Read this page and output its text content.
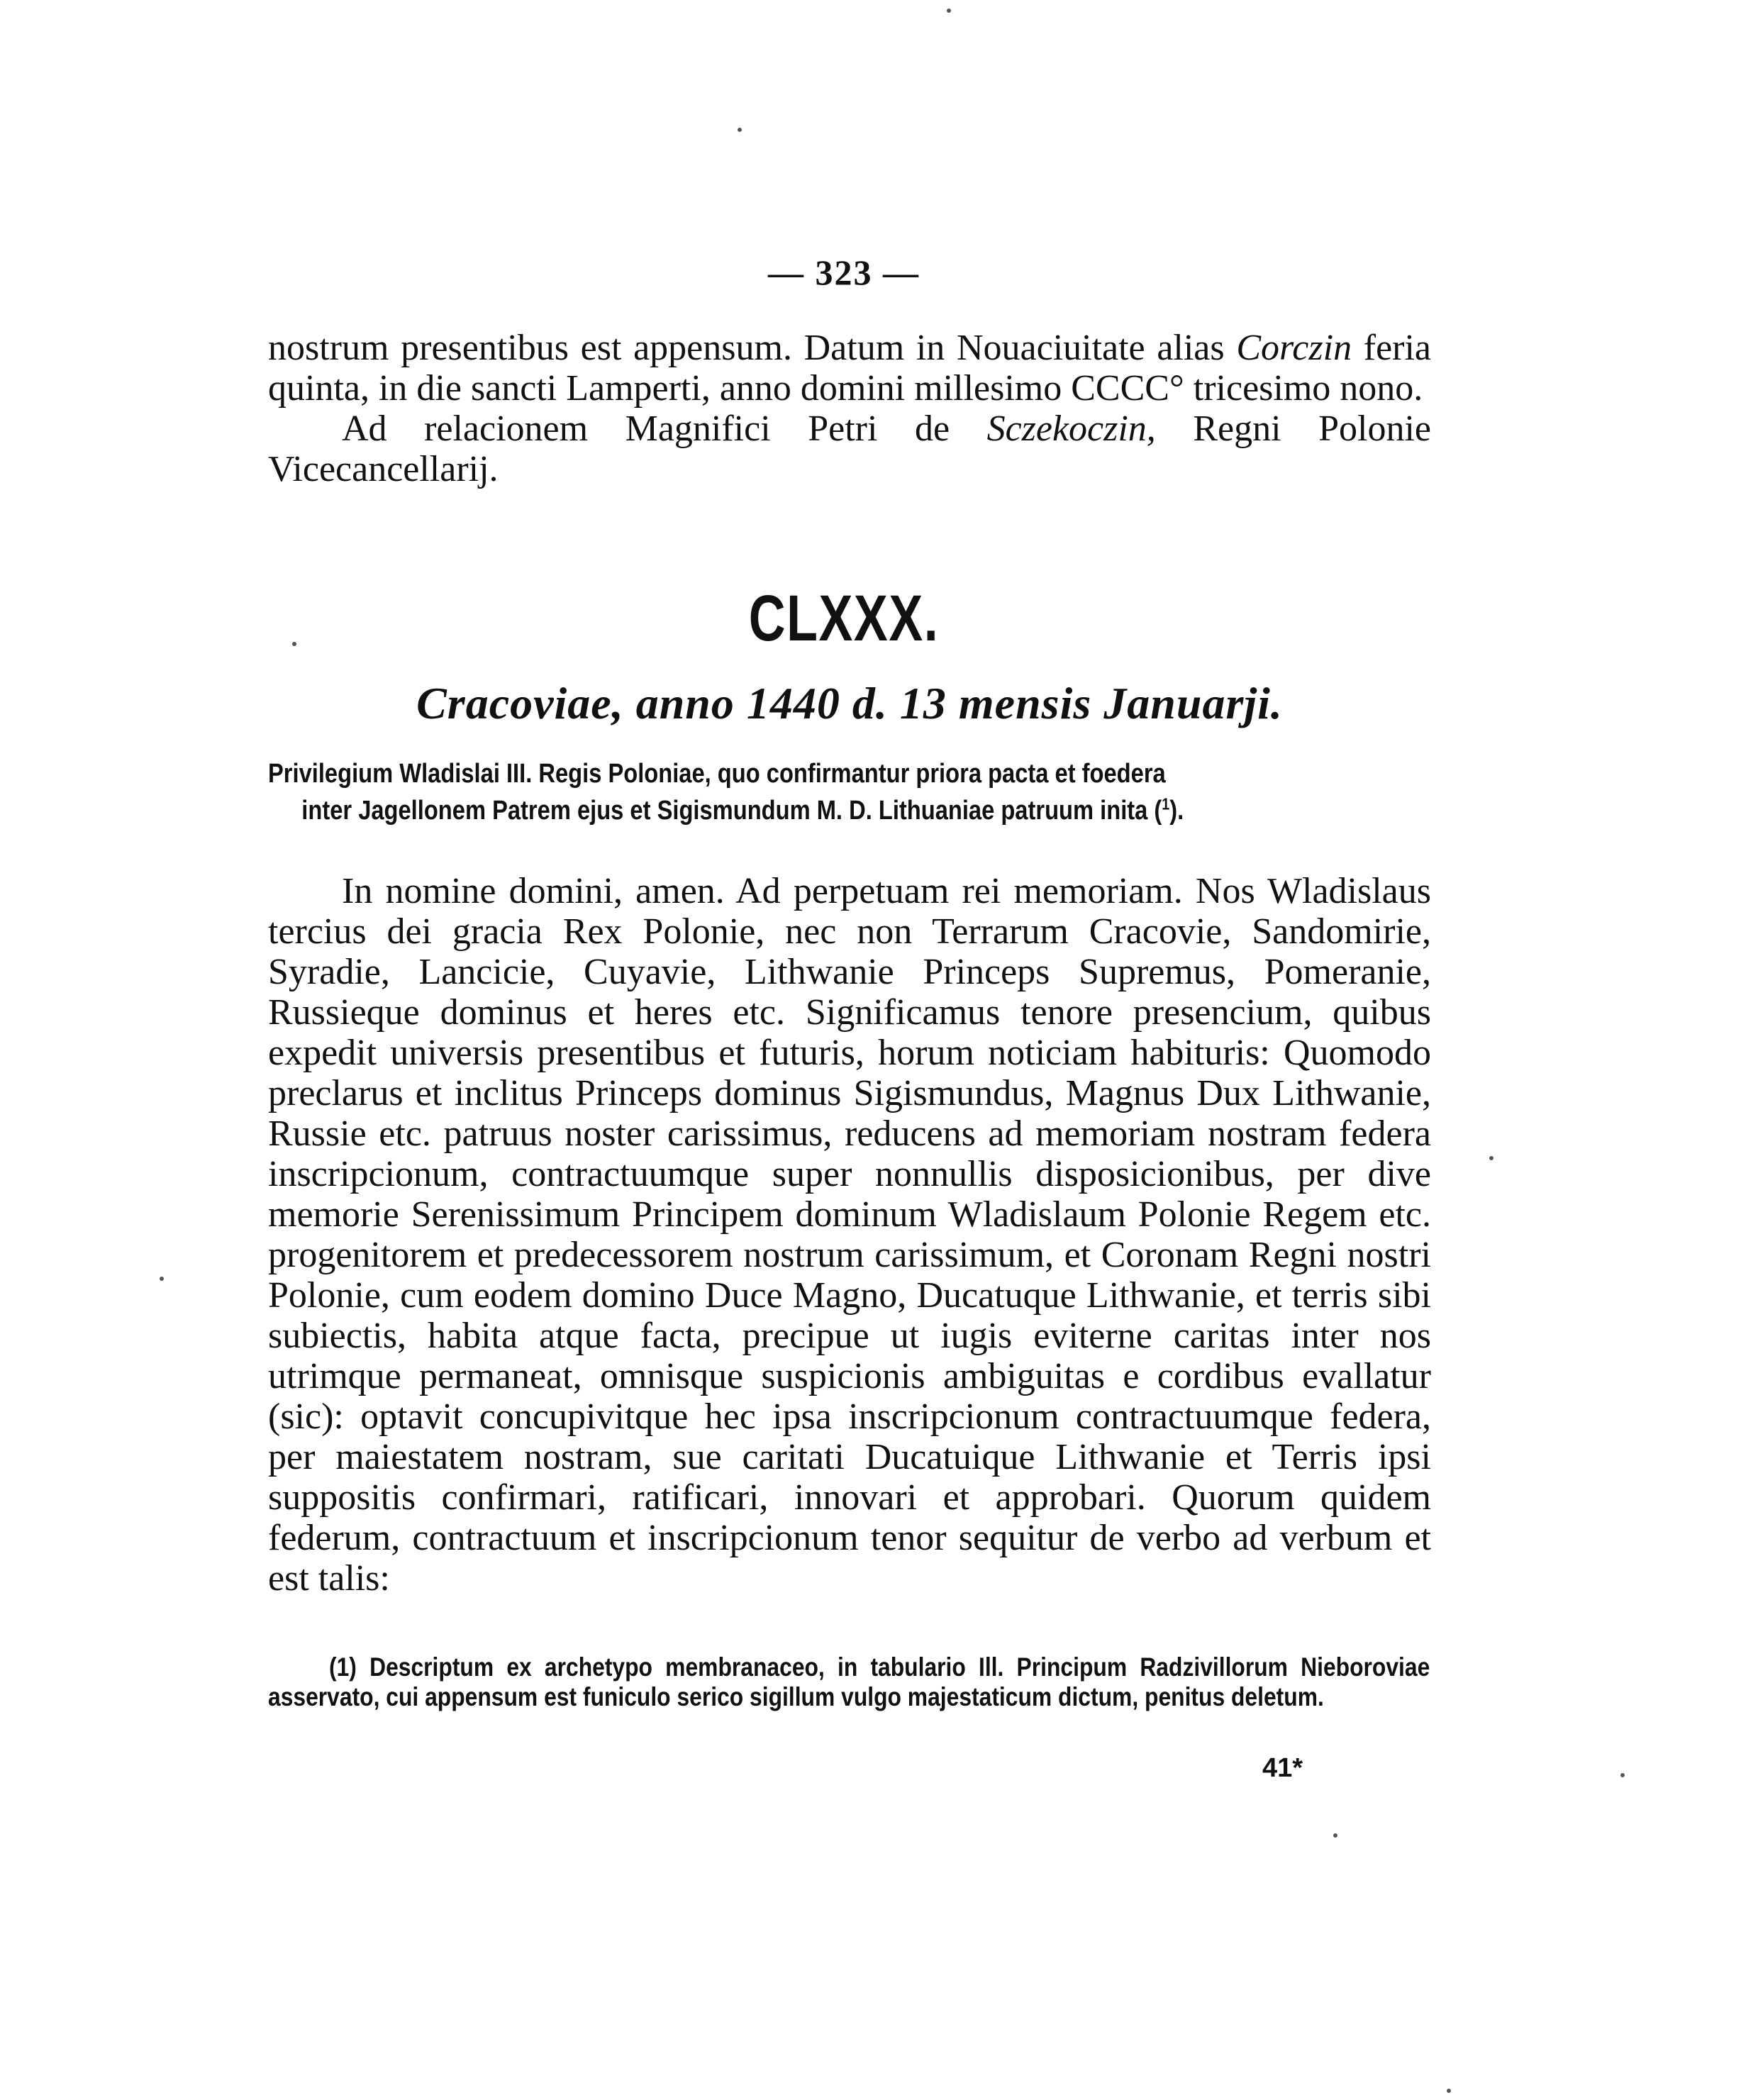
— 323 —

nostrum presentibus est appensum. Datum in Nouaciuitate alias Corczin feria quinta, in die sancti Lamperti, anno domini millesimo CCCC° tricesimo nono.

Ad relacionem Magnifici Petri de Sczekoczin, Regni Polonie Vicecancellarij.

CLXXX.
Cracoviae, anno 1440 d. 13 mensis Januarji.
Privilegium Wladislai III. Regis Poloniae, quo confirmantur priora pacta et foedera
inter Jagellonem Patrem ejus et Sigismundum M. D. Lithuaniae patruum inita ($^1$).

In nomine domini, amen. Ad perpetuam rei memoriam. Nos Wladislaus tercius dei gracia Rex Polonie, nec non Terrarum Cracovie, Sandomirie, Syradie, Lancicie, Cuyavie, Lithwanie Princeps Supremus, Pomeranie, Russieque dominus et heres etc. Significamus tenore presencium, quibus expedit universis presentibus et futuris, horum noticiam habituris: Quomodo preclarus et inclitus Princeps dominus Sigismundus, Magnus Dux Lithwanie, Russie etc. patruus noster carissimus, reducens ad memoriam nostram federa inscripcionum, contractuumque super nonnullis disposicionibus, per dive memorie Serenissimum Principem dominum Wladislaum Polonie Regem etc. progenitorem et predecessorem nostrum carissimum, et Coronam Regni nostri Polonie, cum eodem domino Duce Magno, Ducatuque Lithwanie, et terris sibi subiectis, habita atque facta, precipue ut iugis eviterne caritas inter nos utrimque permaneat, omnisque suspicionis ambiguitas e cordibus evallatur (sic): optavit concupivitque hec ipsa inscripcionum contractuumque federa, per maiestatem nostram, sue caritati Ducatuique Lithwanie et Terris ipsi suppositis confirmari, ratificari, innovari et approbari. Quorum quidem federum, contractuum et inscripcionum tenor sequitur de verbo ad verbum et est talis:

(1) Descriptum ex archetypo membranaceo, in tabulario Ill. Principum Radzivillorum Nieboroviae asservato, cui appensum est funiculo serico sigillum vulgo majestaticum dictum, penitus deletum.
41*
